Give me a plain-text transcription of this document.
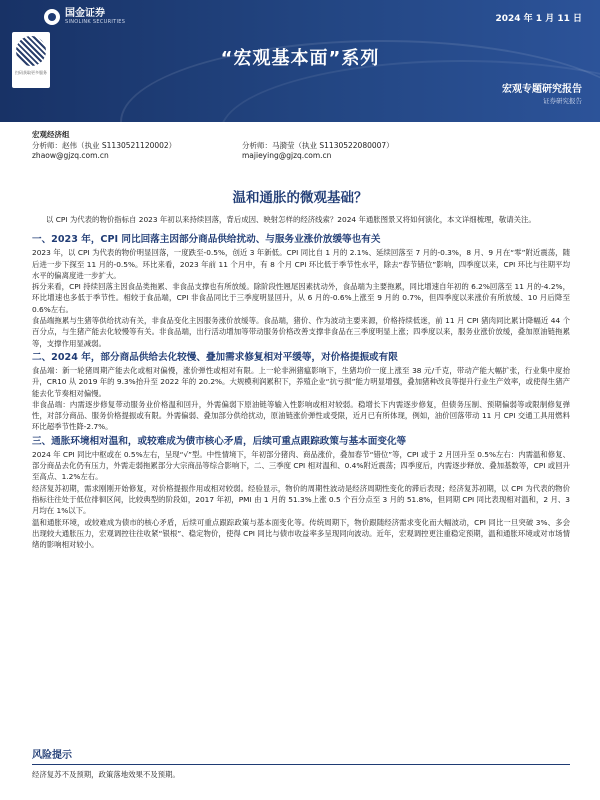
国金证券
SINOLINK SECURITIES	2024 年 1 月 11 日
扫码获取更多服务
“宏观基本面”系列
宏观专题研究报告
证券研究报告
宏观经济组
分析师：赵伟（执业 S1130521120002）
zhaow@gjzq.com.cn
分析师：马漪莹（执业 S1130522080007）
majieying@gjzq.com.cn
温和通胀的微观基础？

以 CPI 为代表的物价指标自 2023 年初以来持续回落，背后成因、映射怎样的经济线索？2024 年通胀图景又将如何演化，本文详细梳理，敬请关注。

一、2023 年，CPI 同比回落主因部分商品供给扰动、与服务业涨价放缓等也有关

2023 年，以 CPI 为代表的物价明显回落，一度跌至-0.5%，创近 3 年新低。CPI 同比自 1 月的 2.1%、延续回落至 7 月的-0.3%，8 月、9 月在“零”附近震荡，随后进一步下探至 11 月的-0.5%。环比来看，2023 年前 11 个月中，有 8 个月 CPI 环比低于季节性水平，除去“春节错位”影响，四季度以来，CPI 环比与往期平均水平的偏离度进一步扩大。

拆分来看，CPI 持续回落主因食品类拖累、非食品支撑也有所放缓。除阶段性翘尾因素扰动外，食品端为主要拖累，同比增速自年初的 6.2%回落至 11 月的-4.2%，环比增速也多低于季节性。相较于食品端，CPI 非食品同比于三季度明显回升，从 6 月的-0.6%上涨至 9 月的 0.7%，但四季度以来涨价有所放缓、10 月后降至 0.6%左右。

食品端拖累与生猪等供给扰动有关，非食品变化主因服务涨价放缓等。食品端，猪价、作为波动主要来源，价格持续低迷，前 11 月 CPI 猪肉同比累计降幅近 44 个百分点，与生猪产能去化较慢等有关。非食品端，出行活动增加等带动服务价格改善支撑非食品在三季度明显上涨；四季度以来，服务业涨价放缓，叠加原油链拖累等，支撑作用显减弱。

二、2024 年，部分商品供给去化较慢、叠加需求修复相对平缓等，对价格提振或有限

食品端：新一轮猪周期产能去化或相对偏慢，涨价弹性或相对有限。上一轮非洲猪瘟影响下，生猪均价一度上涨至 38 元/千克，带动产能大幅扩张，行业集中度抬升，CR10 从 2019 年的 9.3%抬升至 2022 年的 20.2%。大规模利润累积下，养殖企业“抗亏损”能力明显增强，叠加猪种改良等提升行业生产效率，或使得生猪产能去化节奏相对偏慢。

非食品端：内需逐步修复带动服务业价格温和回升，外需偏弱下原油链等输入性影响或相对较弱。稳增长下内需逐步修复，但债务压制、预期偏弱等或限制修复弹性，对部分商品、服务价格提振或有限。外需偏弱、叠加部分供给扰动，原油链涨价弹性或受限，近月已有所体现，例如，油价回落带动 11 月 CPI 交通工具用燃料环比超季节性降-2.7%。

三、通胀环境相对温和，或较难成为债市核心矛盾，后续可重点跟踪政策与基本面变化等

2024 年 CPI 同比中枢或在 0.5%左右，呈现“√”型。中性情境下，年初部分猪肉、商品涨价，叠加春节“错位”等，CPI 或于 2 月回升至 0.5%左右：内需温和修复、部分商品去化仍有压力，外需走弱拖累部分大宗商品等综合影响下，二、三季度 CPI 相对温和、0.4%附近震荡；四季度后，内需逐步释放、叠加基数等，CPI 或回升至高点、1.2%左右。

经济复苏初期，需求刚刚开始修复，对价格提振作用或相对较弱。经验显示，物价的周期性波动是经济周期性变化的滞后表现；经济复苏初期，以 CPI 为代表的物价指标往往处于低位徘徊区间，比较典型的阶段如，2017 年初，PMI 由 1 月的 51.3%上涨 0.5 个百分点至 3 月的 51.8%，但同期 CPI 同比表现相对温和，2 月、3 月均在 1%以下。

温和通胀环境，或较难成为债市的核心矛盾，后续可重点跟踪政策与基本面变化等。传统周期下，物价跟随经济需求变化而大幅波动，CPI 同比一旦突破 3%、多会出现较大通胀压力，宏观调控往往收紧“银根”、稳定物价，使得 CPI 同比与债市收益率多呈现同向波动。近年，宏观调控更注重稳定预期，温和通胀环境或对市场情绪的影响相对较小。

风险提示
经济复苏不及预期，政策落地效果不及预期。
